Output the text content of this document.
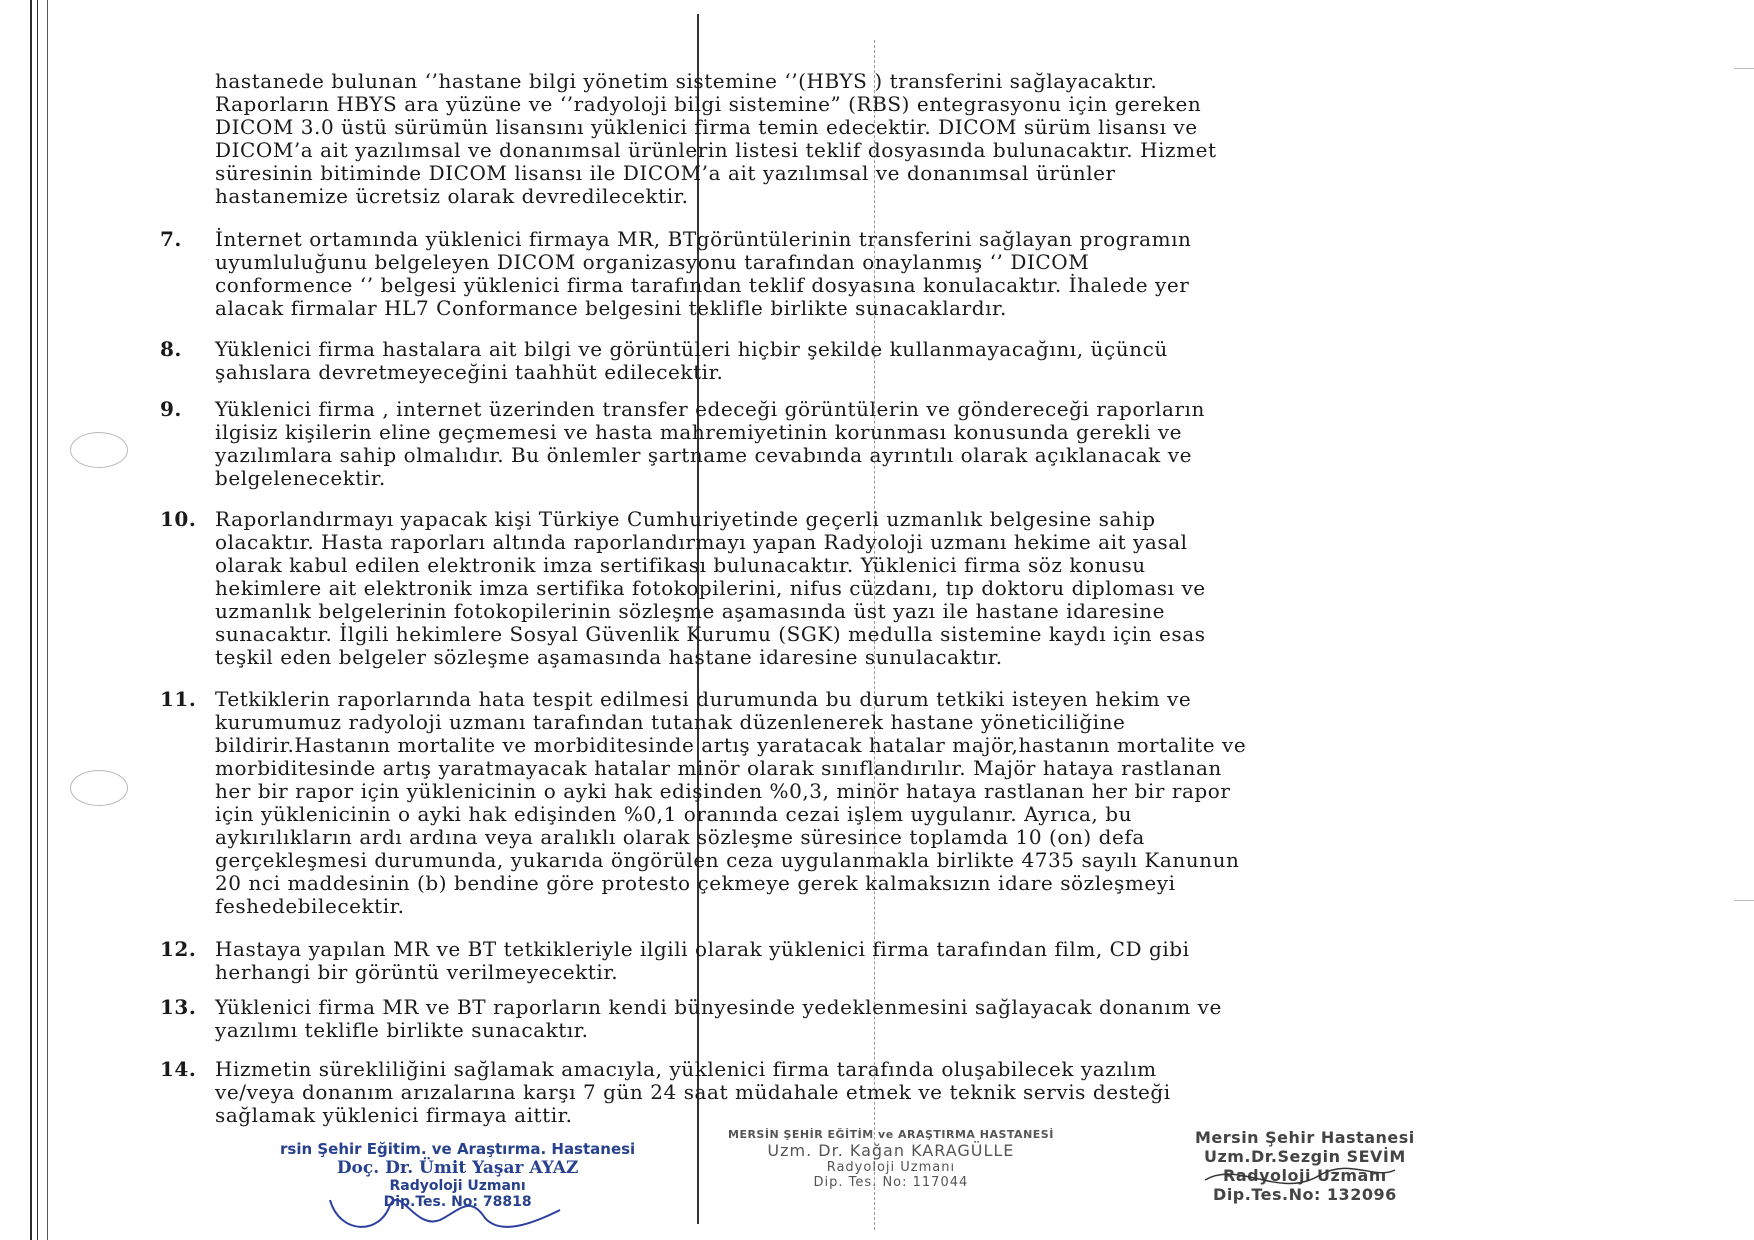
hastanede bulunan ‘’hastane bilgi yönetim sistemine ‘’(HBYS ) transferini sağlayacaktır.
Raporların HBYS ara yüzüne ve ‘’radyoloji bilgi sistemine” (RBS) entegrasyonu için gereken
DICOM 3.0 üstü sürümün lisansını yüklenici firma temin edecektir. DICOM sürüm lisansı ve
DICOM’a ait yazılımsal ve donanımsal ürünlerin listesi teklif dosyasında bulunacaktır. Hizmet
süresinin bitiminde DICOM lisansı ile DICOM’a ait yazılımsal ve donanımsal ürünler
hastanemize ücretsiz olarak devredilecektir.
7. İnternet ortamında yüklenici firmaya MR, BTgörüntülerinin transferini sağlayan programın
uyumluluğunu belgeleyen DICOM organizasyonu tarafından onaylanmış ‘’ DICOM
conformence ‘’ belgesi yüklenici firma tarafından teklif dosyasına konulacaktır. İhalede yer
alacak firmalar HL7 Conformance belgesini teklifle birlikte sunacaklardır.
8. Yüklenici firma hastalara ait bilgi ve görüntüleri hiçbir şekilde kullanmayacağını, üçüncü
şahıslara devretmeyeceğini taahhüt edilecektir.
9. Yüklenici firma , internet üzerinden transfer edeceği görüntülerin ve göndereceği raporların
ilgisiz kişilerin eline geçmemesi ve hasta mahremiyetinin korunması konusunda gerekli ve
yazılımlara sahip olmalıdır. Bu önlemler şartname cevabında ayrıntılı olarak açıklanacak ve
belgelenecektir.
10. Raporlandırmayı yapacak kişi Türkiye Cumhuriyetinde geçerli uzmanlık belgesine sahip
olacaktır. Hasta raporları altında raporlandırmayı yapan Radyoloji uzmanı hekime ait yasal
olarak kabul edilen elektronik imza sertifikası bulunacaktır. Yüklenici firma söz konusu
hekimlere ait elektronik imza sertifika fotokopilerini, nifus cüzdanı, tıp doktoru diploması ve
uzmanlık belgelerinin fotokopilerinin sözleşme aşamasında üst yazı ile hastane idaresine
sunacaktır. İlgili hekimlere Sosyal Güvenlik Kurumu (SGK) medulla sistemine kaydı için esas
teşkil eden belgeler sözleşme aşamasında hastane idaresine sunulacaktır.
11. Tetkiklerin raporlarında hata tespit edilmesi durumunda bu durum tetkiki isteyen hekim ve
kurumumuz radyoloji uzmanı tarafından tutanak düzenlenerek hastane yöneticiliğine
bildirir.Hastanın mortalite ve morbiditesinde artış yaratacak hatalar majör,hastanın mortalite ve
morbiditesinde artış yaratmayacak hatalar minör olarak sınıflandırılır. Majör hataya rastlanan
her bir rapor için yüklenicinin o ayki hak edişinden %0,3, minör hataya rastlanan her bir rapor
için yüklenicinin o ayki hak edişinden %0,1 oranında cezai işlem uygulanır. Ayrıca, bu
aykırılıkların ardı ardına veya aralıklı olarak sözleşme süresince toplamda 10 (on) defa
gerçekleşmesi durumunda, yukarıda öngörülen ceza uygulanmakla birlikte 4735 sayılı Kanunun
20 nci maddesinin (b) bendine göre protesto çekmeye gerek kalmaksızın idare sözleşmeyi
feshedebilecektir.
12. Hastaya yapılan MR ve BT tetkikleriyle ilgili olarak yüklenici firma tarafından film, CD gibi
herhangi bir görüntü verilmeyecektir.
13. Yüklenici firma MR ve BT raporların kendi bünyesinde yedeklenmesini sağlayacak donanım ve
yazılımı teklifle birlikte sunacaktır.
14. Hizmetin sürekliliğini sağlamak amacıyla, yüklenici firma tarafında oluşabilecek yazılım
ve/veya donanım arızalarına karşı 7 gün 24 saat müdahale etmek ve teknik servis desteği
sağlamak yüklenici firmaya aittir.
rsin Şehir Eğitim. ve Araştırma. Hastanesi
Doç. Dr. Ümit Yaşar AYAZ
Radyoloji Uzmanı
Dip.Tes. No: 78818
MERSİN ŞEHİR EĞİTİM ve ARAŞTIRMA HASTANESİ
Uzm. Dr. Kağan KARAGÜLLE
Radyoloji Uzmanı
Dip. Tes. No: 117044
Mersin Şehir Hastanesi
Uzm.Dr.Sezgin SEVİM
Radyoloji Uzmanı
Dip.Tes.No: 132096
